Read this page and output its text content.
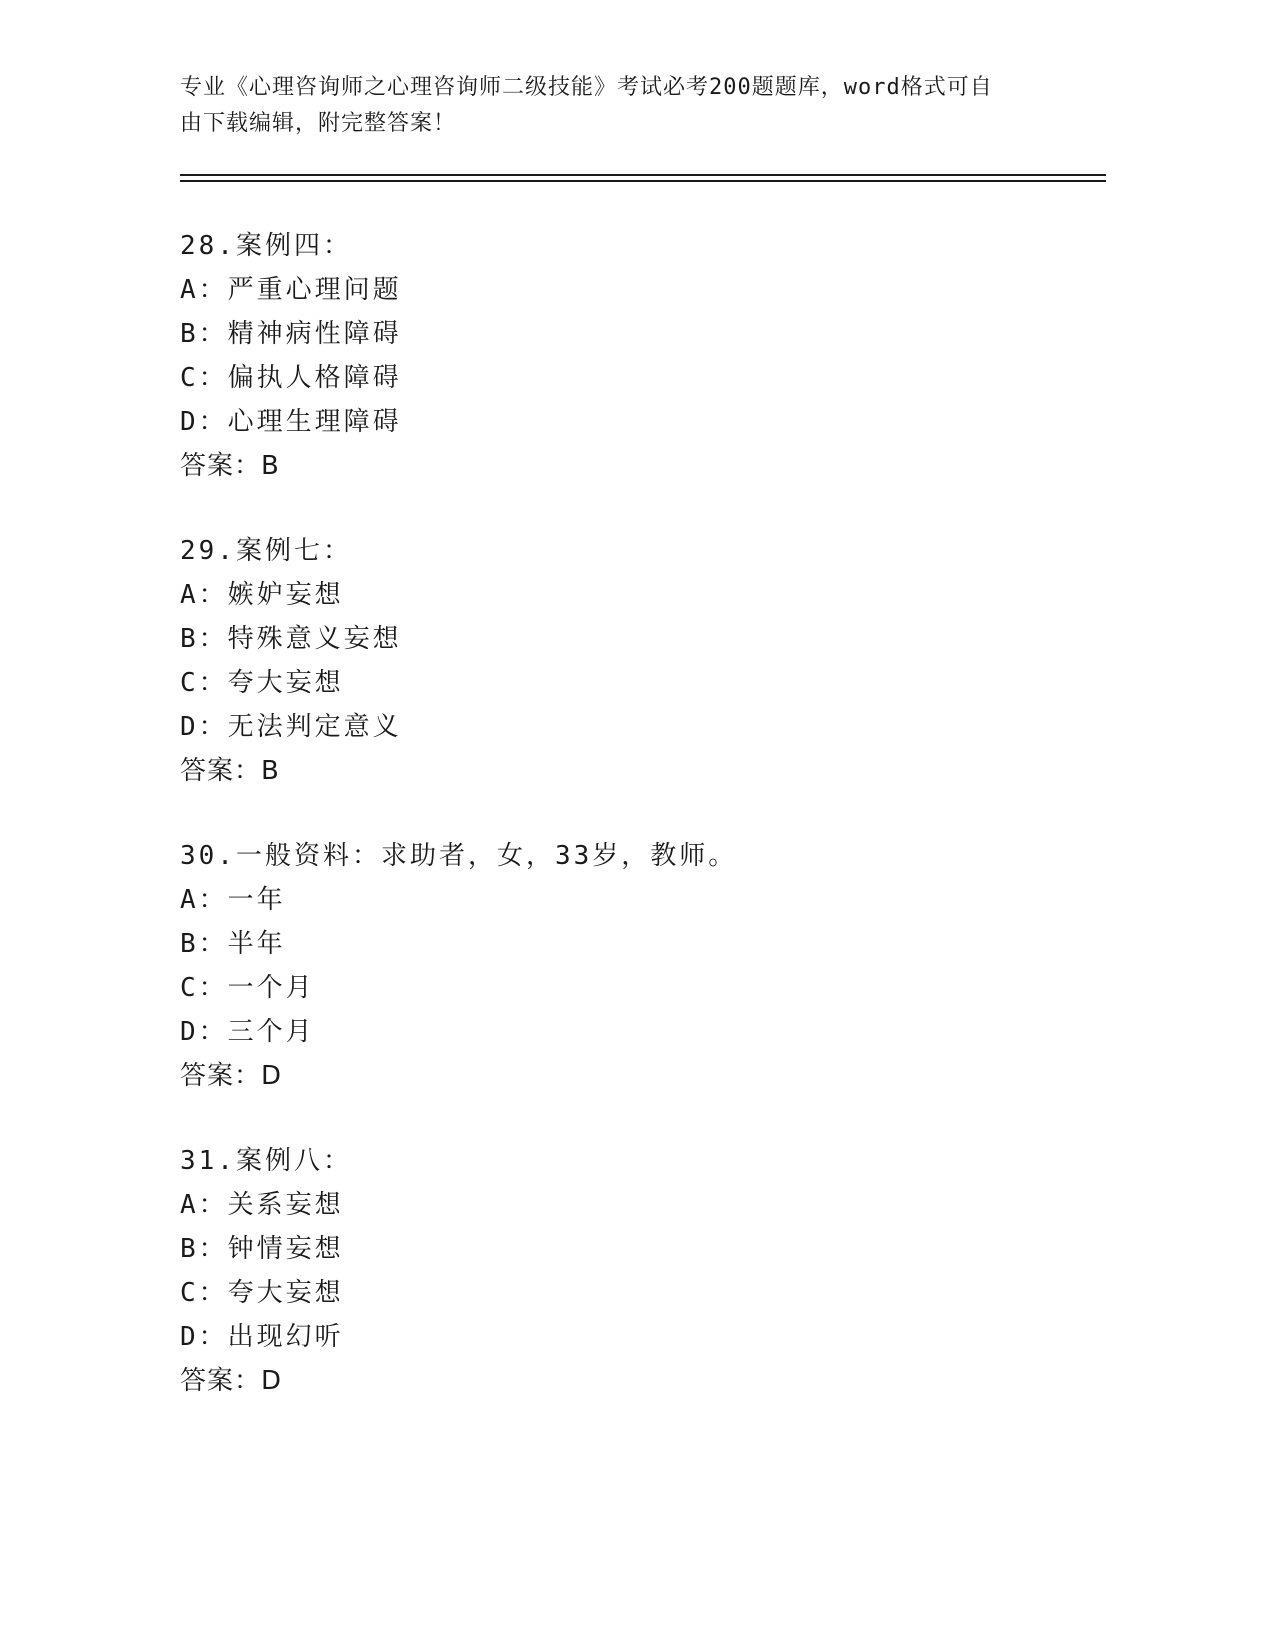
专业《心理咨询师之心理咨询师二级技能》考试必考200题题库，word格式可自
由下载编辑，附完整答案！
28.案例四：
A：严重心理问题
B：精神病性障碍
C：偏执人格障碍
D：心理生理障碍
答案：B
29.案例七：
A：嫉妒妄想
B：特殊意义妄想
C：夸大妄想
D：无法判定意义
答案：B
30.一般资料：求助者，女，33岁，教师。
A：一年
B：半年
C：一个月
D：三个月
答案：D
31.案例八：
A：关系妄想
B：钟情妄想
C：夸大妄想
D：出现幻听
答案：D
